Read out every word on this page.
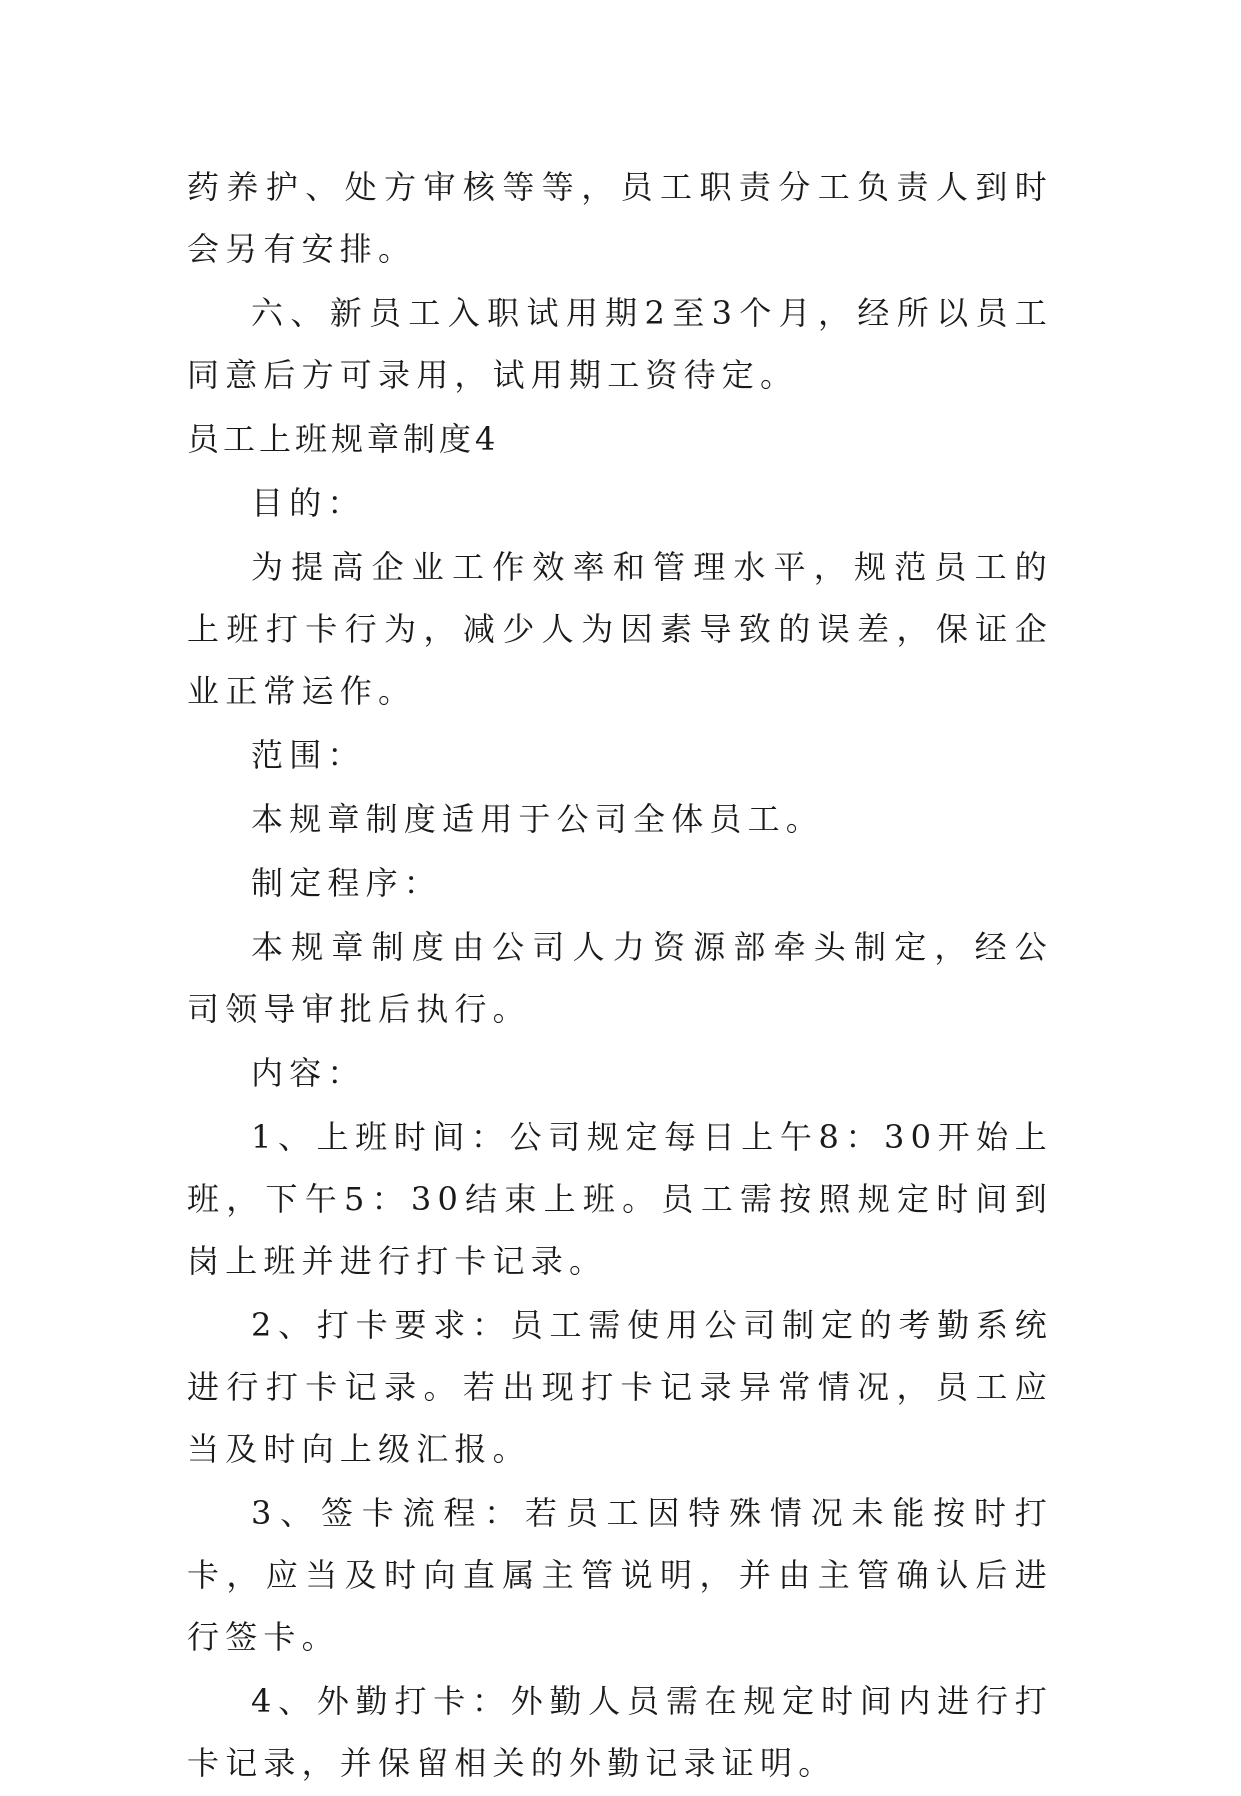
药养护、处方审核等等，员工职责分工负责人到时会另有安排。

六、新员工入职试用期2至3个月，经所以员工同意后方可录用，试用期工资待定。

员工上班规章制度4

目的：

为提高企业工作效率和管理水平，规范员工的上班打卡行为，减少人为因素导致的误差，保证企业正常运作。

范围：

本规章制度适用于公司全体员工。

制定程序：

本规章制度由公司人力资源部牵头制定，经公司领导审批后执行。

内容：

1、上班时间：公司规定每日上午8：30开始上班，下午5：30结束上班。员工需按照规定时间到岗上班并进行打卡记录。

2、打卡要求：员工需使用公司制定的考勤系统进行打卡记录。若出现打卡记录异常情况，员工应当及时向上级汇报。

3、签卡流程：若员工因特殊情况未能按时打卡，应当及时向直属主管说明，并由主管确认后进行签卡。

4、外勤打卡：外勤人员需在规定时间内进行打卡记录，并保留相关的外勤记录证明。
